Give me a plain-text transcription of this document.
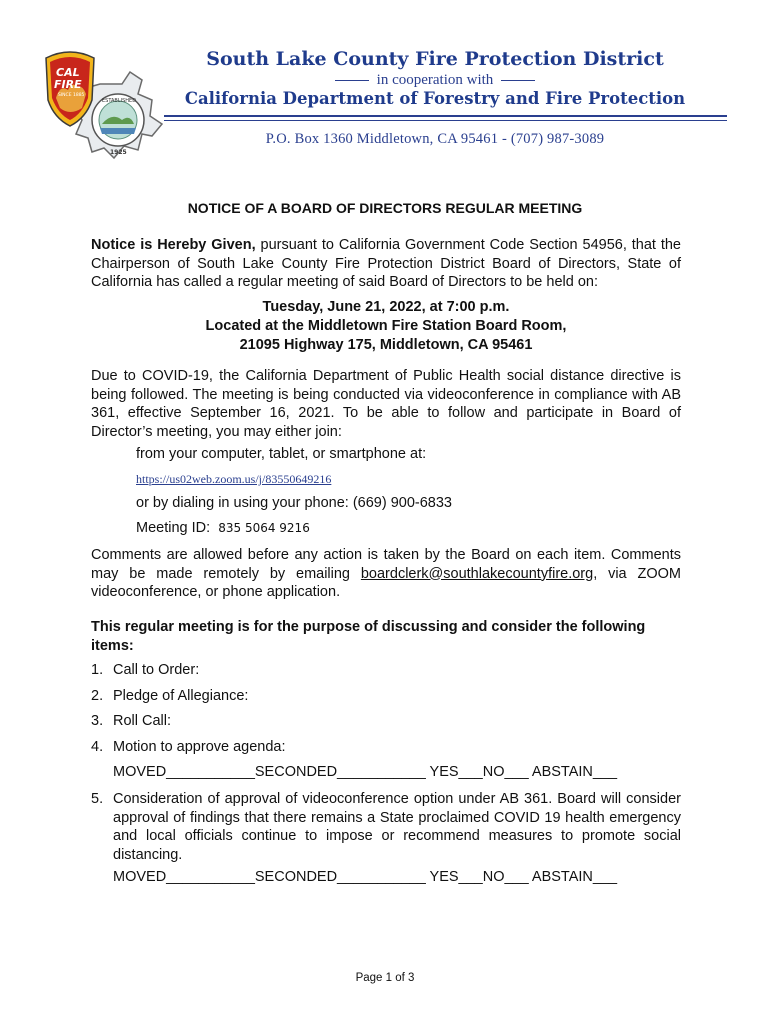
ESTABLISHED
1925
CAL
FIRE
SINCE 1885
South Lake County Fire Protection District
in cooperation with
California Department of Forestry and Fire Protection
P.O. Box 1360 Middletown, CA 95461 - (707) 987-3089
NOTICE OF A BOARD OF DIRECTORS REGULAR MEETING
Notice is Hereby Given, pursuant to California Government Code Section 54956, that the Chairperson of South Lake County Fire Protection District Board of Directors, State of California has called a regular meeting of said Board of Directors to be held on:
Tuesday, June 21, 2022, at 7:00 p.m.
Located at the Middletown Fire Station Board Room,
21095 Highway 175, Middletown, CA 95461
Due to COVID-19, the California Department of Public Health social distance directive is being followed. The meeting is being conducted via videoconference in compliance with AB 361, effective September 16, 2021. To be able to follow and participate in Board of Director’s meeting, you may either join:
from your computer, tablet, or smartphone at:
https://us02web.zoom.us/j/83550649216
or by dialing in using your phone: (669) 900-6833
Meeting ID: 835 5064 9216
Comments are allowed before any action is taken by the Board on each item. Comments may be made remotely by emailing boardclerk@southlakecountyfire.org, via ZOOM videoconference, or phone application.
This regular meeting is for the purpose of discussing and consider the following items:
1. Call to Order:
2. Pledge of Allegiance:
3. Roll Call:
4. Motion to approve agenda:
MOVED___________SECONDED___________ YES___NO___ ABSTAIN___
5. Consideration of approval of videoconference option under AB 361. Board will consider approval of findings that there remains a State proclaimed COVID 19 health emergency and local officials continue to impose or recommend measures to promote social distancing.
MOVED___________SECONDED___________ YES___NO___ ABSTAIN___
Page 1 of 3
